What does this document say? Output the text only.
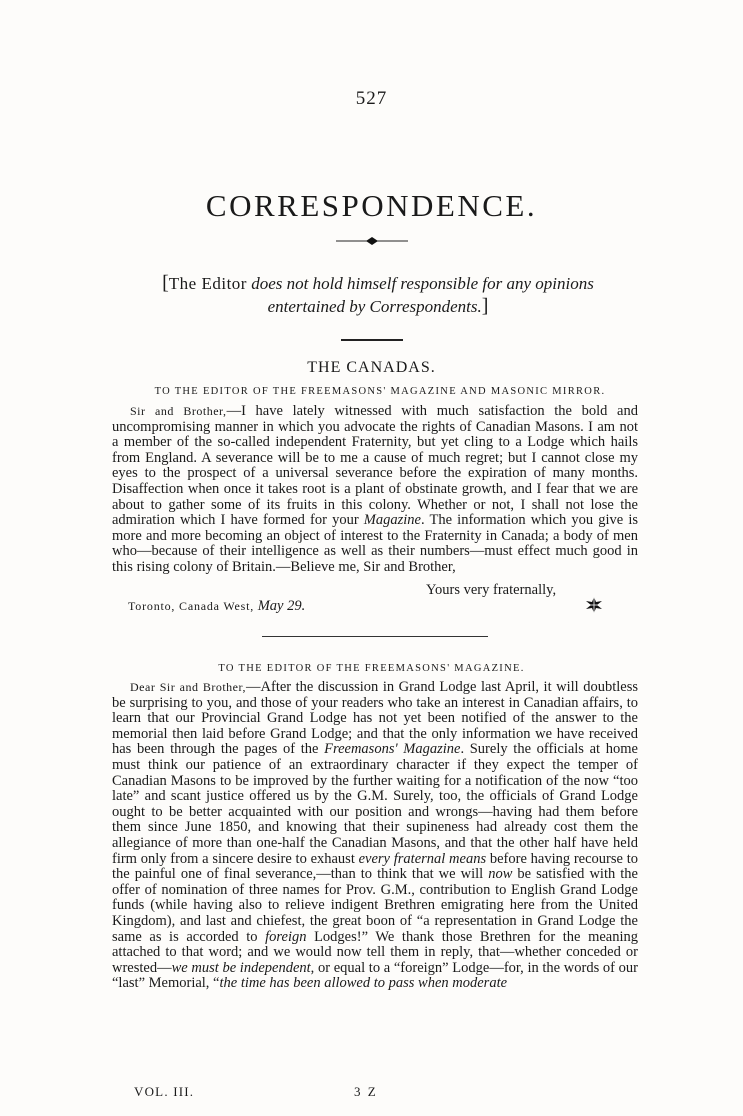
527
CORRESPONDENCE.
[The Editor does not hold himself responsible for any opinions entertained by Correspondents.]
THE CANADAS.
TO THE EDITOR OF THE FREEMASONS' MAGAZINE AND MASONIC MIRROR.

Sir and Brother,—I have lately witnessed with much satisfaction the bold and uncompromising manner in which you advocate the rights of Canadian Masons. I am not a member of the so-called independent Fraternity, but yet cling to a Lodge which hails from England. A severance will be to me a cause of much regret; but I cannot close my eyes to the prospect of a universal severance before the expiration of many months. Disaffection when once it takes root is a plant of obstinate growth, and I fear that we are about to gather some of its fruits in this colony. Whether or not, I shall not lose the admiration which I have formed for your Magazine. The information which you give is more and more becoming an object of interest to the Fraternity in Canada; a body of men who—because of their intelligence as well as their numbers—must effect much good in this rising colony of Britain.—Believe me, Sir and Brother,

Yours very fraternally,
Toronto, Canada West, May 29.
TO THE EDITOR OF THE FREEMASONS' MAGAZINE.

Dear Sir and Brother,—After the discussion in Grand Lodge last April, it will doubtless be surprising to you, and those of your readers who take an interest in Canadian affairs, to learn that our Provincial Grand Lodge has not yet been notified of the answer to the memorial then laid before Grand Lodge; and that the only information we have received has been through the pages of the Freemasons' Magazine. Surely the officials at home must think our patience of an extraordinary character if they expect the temper of Canadian Masons to be improved by the further waiting for a notification of the now “too late” and scant justice offered us by the G.M. Surely, too, the officials of Grand Lodge ought to be better acquainted with our position and wrongs—having had them before them since June 1850, and knowing that their supineness had already cost them the allegiance of more than one-half the Canadian Masons, and that the other half have held firm only from a sincere desire to exhaust every fraternal means before having recourse to the painful one of final severance,—than to think that we will now be satisfied with the offer of nomination of three names for Prov. G.M., contribution to English Grand Lodge funds (while having also to relieve indigent Brethren emigrating here from the United Kingdom), and last and chiefest, the great boon of “a representation in Grand Lodge the same as is accorded to foreign Lodges!” We thank those Brethren for the meaning attached to that word; and we would now tell them in reply, that—whether conceded or wrested—we must be independent, or equal to a “foreign” Lodge—for, in the words of our “last” Memorial, “the time has been allowed to pass when moderate

VOL. III.	3 Z
